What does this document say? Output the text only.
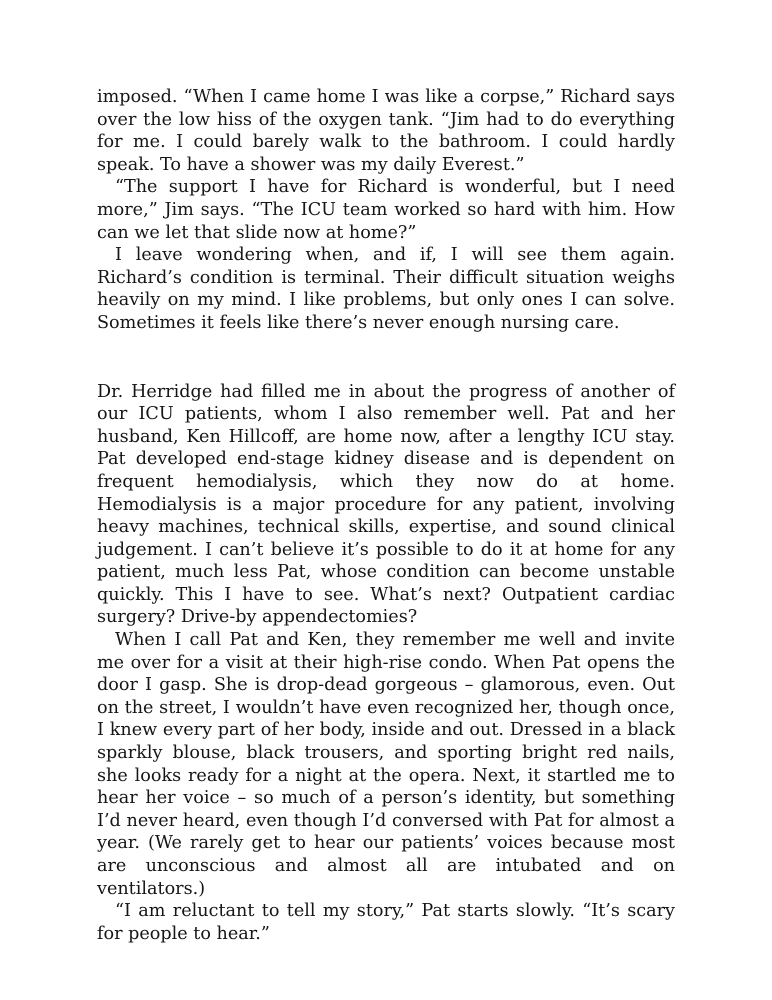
imposed. “When I came home I was like a corpse,” Richard says over the low hiss of the oxygen tank. “Jim had to do everything for me. I could barely walk to the bathroom. I could hardly speak. To have a shower was my daily Everest.”

“The support I have for Richard is wonderful, but I need more,” Jim says. “The ICU team worked so hard with him. How can we let that slide now at home?”

I leave wondering when, and if, I will see them again. Richard’s condition is terminal. Their difficult situation weighs heavily on my mind. I like problems, but only ones I can solve. Sometimes it feels like there’s never enough nursing care.

Dr. Herridge had filled me in about the progress of another of our ICU patients, whom I also remember well. Pat and her husband, Ken Hillcoff, are home now, after a lengthy ICU stay. Pat developed end-stage kidney disease and is dependent on frequent hemodialysis, which they now do at home. Hemodialysis is a major procedure for any patient, involving heavy machines, technical skills, expertise, and sound clinical judgement. I can’t believe it’s possible to do it at home for any patient, much less Pat, whose condition can become unstable quickly. This I have to see. What’s next? Outpatient cardiac surgery? Drive-by appendectomies?

When I call Pat and Ken, they remember me well and invite me over for a visit at their high-rise condo. When Pat opens the door I gasp. She is drop-dead gorgeous – glamorous, even. Out on the street, I wouldn’t have even recognized her, though once, I knew every part of her body, inside and out. Dressed in a black sparkly blouse, black trousers, and sporting bright red nails, she looks ready for a night at the opera. Next, it startled me to hear her voice – so much of a person’s identity, but something I’d never heard, even though I’d conversed with Pat for almost a year. (We rarely get to hear our patients’ voices because most are unconscious and almost all are intubated and on ventilators.)

“I am reluctant to tell my story,” Pat starts slowly. “It’s scary for people to hear.”
